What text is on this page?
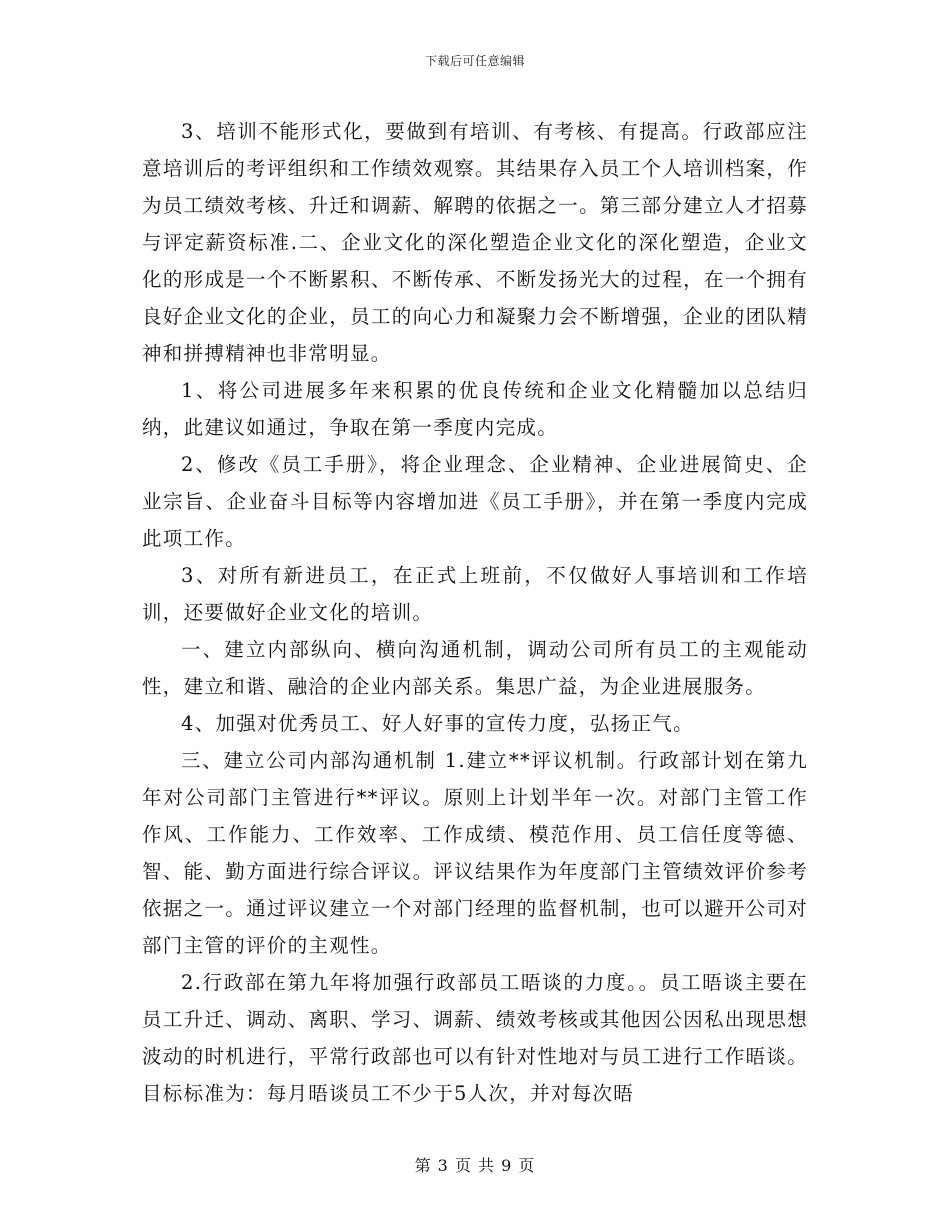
下载后可任意编辑

3、培训不能形式化，要做到有培训、有考核、有提高。行政部应注意培训后的考评组织和工作绩效观察。其结果存入员工个人培训档案，作为员工绩效考核、升迁和调薪、解聘的依据之一。第三部分建立人才招募与评定薪资标准.二、企业文化的深化塑造企业文化的深化塑造，企业文化的形成是一个不断累积、不断传承、不断发扬光大的过程，在一个拥有良好企业文化的企业，员工的向心力和凝聚力会不断增强，企业的团队精神和拼搏精神也非常明显。

1、将公司进展多年来积累的优良传统和企业文化精髓加以总结归纳，此建议如通过，争取在第一季度内完成。

2、修改《员工手册》，将企业理念、企业精神、企业进展简史、企业宗旨、企业奋斗目标等内容增加进《员工手册》，并在第一季度内完成此项工作。

3、对所有新进员工，在正式上班前，不仅做好人事培训和工作培训，还要做好企业文化的培训。

一、建立内部纵向、横向沟通机制，调动公司所有员工的主观能动性，建立和谐、融洽的企业内部关系。集思广益，为企业进展服务。

4、加强对优秀员工、好人好事的宣传力度，弘扬正气。

三、建立公司内部沟通机制 1.建立**评议机制。行政部计划在第九年对公司部门主管进行**评议。原则上计划半年一次。对部门主管工作作风、工作能力、工作效率、工作成绩、模范作用、员工信任度等德、智、能、勤方面进行综合评议。评议结果作为年度部门主管绩效评价参考依据之一。通过评议建立一个对部门经理的监督机制，也可以避开公司对部门主管的评价的主观性。

2.行政部在第九年将加强行政部员工晤谈的力度。。员工晤谈主要在员工升迁、调动、离职、学习、调薪、绩效考核或其他因公因私出现思想波动的时机进行，平常行政部也可以有针对性地对与员工进行工作晤谈。目标标准为：每月晤谈员工不少于5人次，并对每次晤

第 3 页 共 9 页
